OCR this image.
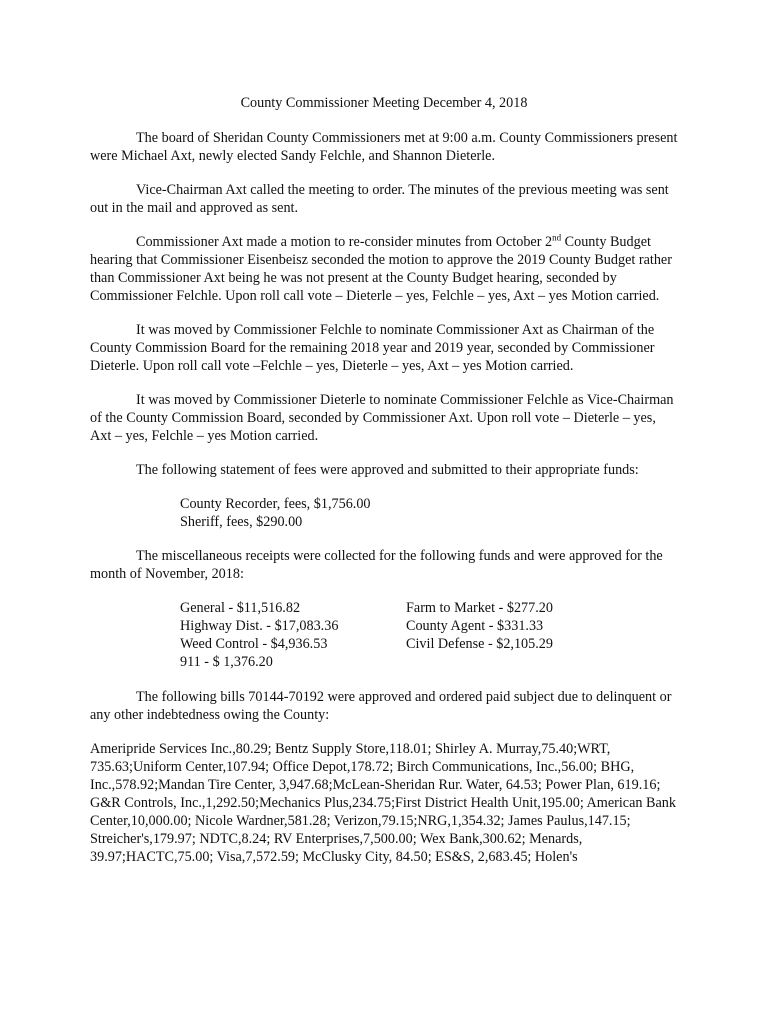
County Commissioner Meeting December 4, 2018

The board of Sheridan County Commissioners met at 9:00 a.m. County Commissioners present were Michael Axt, newly elected Sandy Felchle, and Shannon Dieterle.

Vice-Chairman Axt called the meeting to order. The minutes of the previous meeting was sent out in the mail and approved as sent.

Commissioner Axt made a motion to re-consider minutes from October 2nd County Budget hearing that Commissioner Eisenbeisz seconded the motion to approve the 2019 County Budget rather than Commissioner Axt being he was not present at the County Budget hearing, seconded by Commissioner Felchle. Upon roll call vote – Dieterle – yes, Felchle – yes, Axt – yes Motion carried.

It was moved by Commissioner Felchle to nominate Commissioner Axt as Chairman of the County Commission Board for the remaining 2018 year and 2019 year, seconded by Commissioner Dieterle. Upon roll call vote –Felchle – yes, Dieterle – yes, Axt – yes Motion carried.

It was moved by Commissioner Dieterle to nominate Commissioner Felchle as Vice-Chairman of the County Commission Board, seconded by Commissioner Axt. Upon roll vote – Dieterle – yes, Axt – yes, Felchle – yes Motion carried.

The following statement of fees were approved and submitted to their appropriate funds:

County Recorder, fees, $1,756.00
Sheriff, fees, $290.00

The miscellaneous receipts were collected for the following funds and were approved for the month of November, 2018:

General - $11,516.82
Highway Dist. - $17,083.36
Weed Control - $4,936.53
911 - $ 1,376.20
Farm to Market - $277.20
County Agent - $331.33
Civil Defense - $2,105.29

The following bills 70144-70192 were approved and ordered paid subject due to delinquent or any other indebtedness owing the County:

Ameripride Services Inc.,80.29; Bentz Supply Store,118.01; Shirley A. Murray,75.40;WRT, 735.63;Uniform Center,107.94; Office Depot,178.72; Birch Communications, Inc.,56.00; BHG, Inc.,578.92;Mandan Tire Center, 3,947.68;McLean-Sheridan Rur. Water, 64.53; Power Plan, 619.16; G&R Controls, Inc.,1,292.50;Mechanics Plus,234.75;First District Health Unit,195.00; American Bank Center,10,000.00; Nicole Wardner,581.28; Verizon,79.15;NRG,1,354.32; James Paulus,147.15; Streicher's,179.97; NDTC,8.24; RV Enterprises,7,500.00; Wex Bank,300.62; Menards, 39.97;HACTC,75.00; Visa,7,572.59; McClusky City, 84.50; ES&S, 2,683.45; Holen's
